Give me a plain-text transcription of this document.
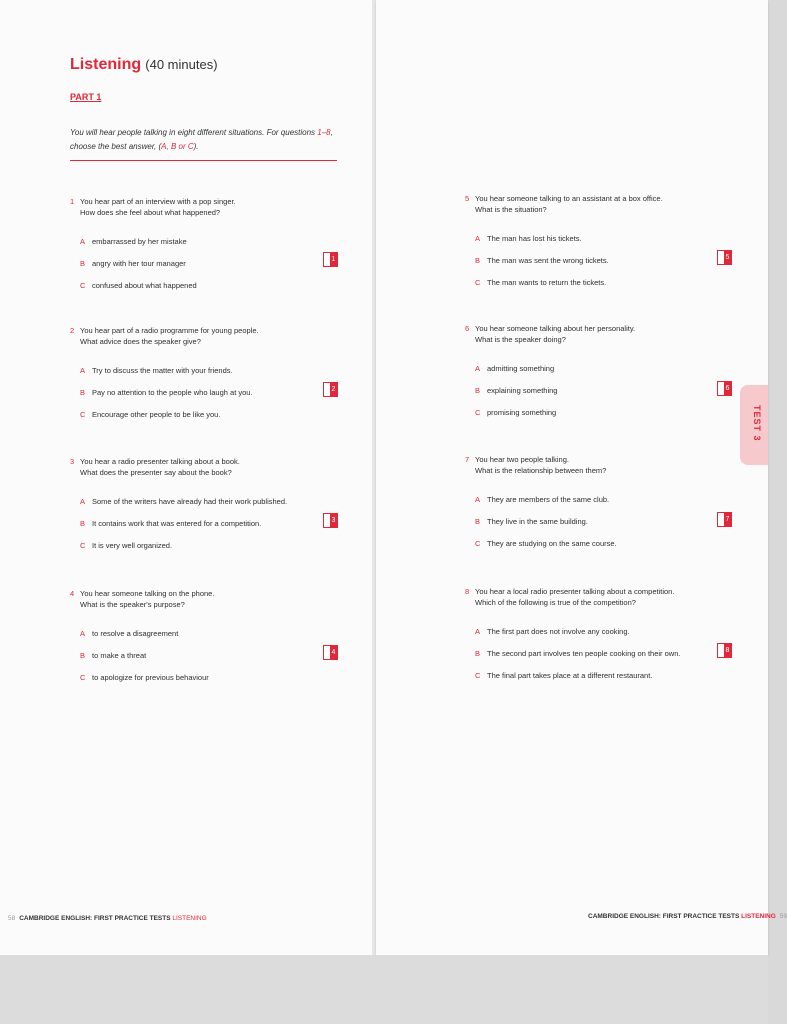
Listening (40 minutes)
PART 1
You will hear people talking in eight different situations. For questions 1–8, choose the best answer, (A, B or C).
1 You hear part of an interview with a pop singer.
How does she feel about what happened?
A embarrassed by her mistake
B angry with her tour manager
C confused about what happened
1
2 You hear part of a radio programme for young people.
What advice does the speaker give?
A Try to discuss the matter with your friends.
B Pay no attention to the people who laugh at you.
C Encourage other people to be like you.
2
3 You hear a radio presenter talking about a book.
What does the presenter say about the book?
A Some of the writers have already had their work published.
B It contains work that was entered for a competition.
C It is very well organized.
3
4 You hear someone talking on the phone.
What is the speaker's purpose?
A to resolve a disagreement
B to make a threat
C to apologize for previous behaviour
4
5 You hear someone talking to an assistant at a box office.
What is the situation?
A The man has lost his tickets.
B The man was sent the wrong tickets.
C The man wants to return the tickets.
5
6 You hear someone talking about her personality.
What is the speaker doing?
A admitting something
B explaining something
C promising something
6
7 You hear two people talking.
What is the relationship between them?
A They are members of the same club.
B They live in the same building.
C They are studying on the same course.
7
8 You hear a local radio presenter talking about a competition.
Which of the following is true of the competition?
A The first part does not involve any cooking.
B The second part involves ten people cooking on their own.
C The final part takes place at a different restaurant.
8
TEST 3
58 CAMBRIDGE ENGLISH: FIRST PRACTICE TESTS LISTENING	CAMBRIDGE ENGLISH: FIRST PRACTICE TESTS LISTENING 59
